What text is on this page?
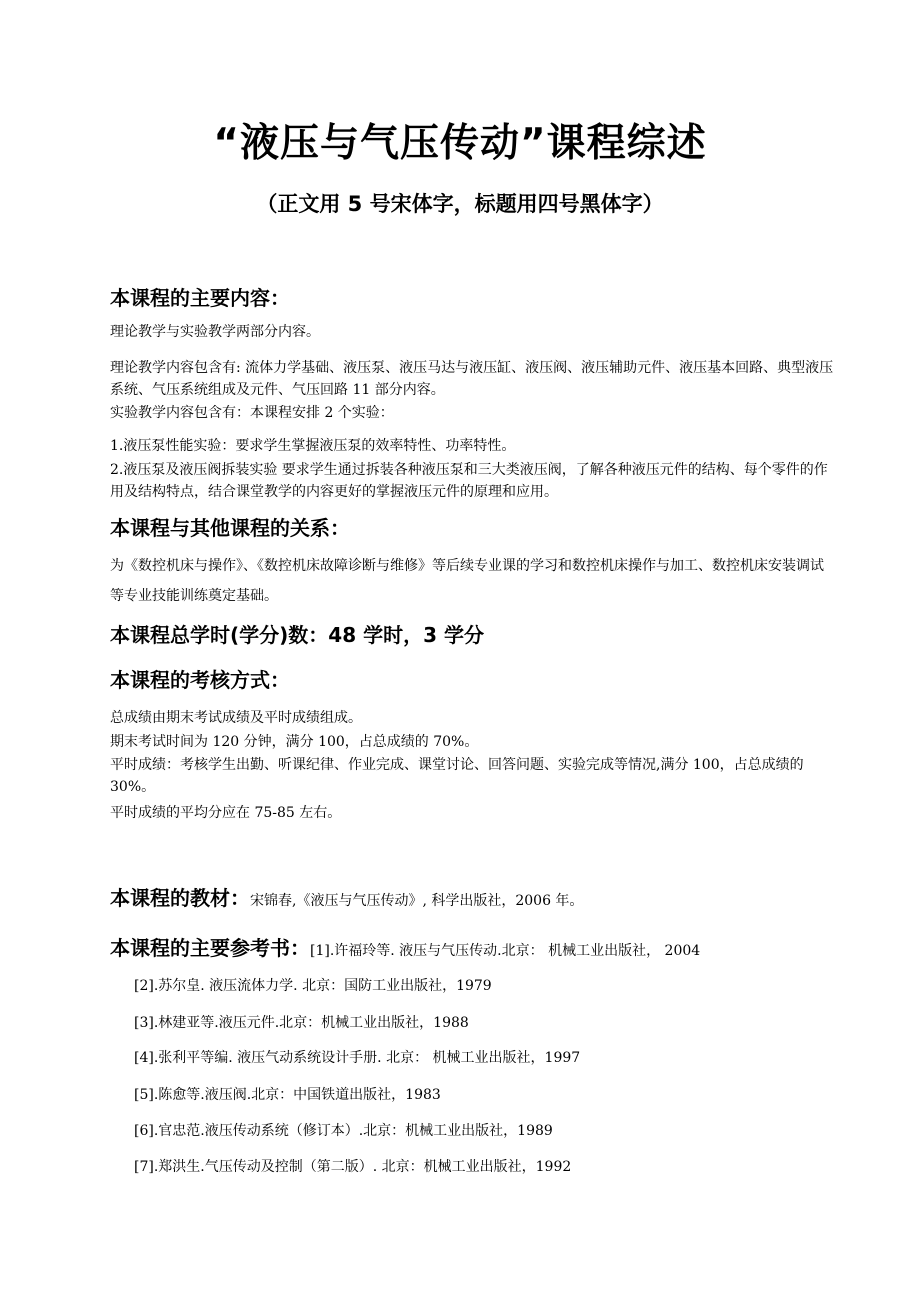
“液压与气压传动”课程综述
（正文用 5 号宋体字，标题用四号黑体字）
本课程的主要内容：
理论教学与实验教学两部分内容。
理论教学内容包含有: 流体力学基础、液压泵、液压马达与液压缸、液压阀、液压辅助元件、液压基本回路、典型液压系统、气压系统组成及元件、气压回路 11 部分内容。
实验教学内容包含有：本课程安排 2 个实验：
1.液压泵性能实验：要求学生掌握液压泵的效率特性、功率特性。
2.液压泵及液压阀拆装实验 要求学生通过拆装各种液压泵和三大类液压阀，了解各种液压元件的结构、每个零件的作用及结构特点，结合课堂教学的内容更好的掌握液压元件的原理和应用。
本课程与其他课程的关系：
为《数控机床与操作》、《数控机床故障诊断与维修》等后续专业课的学习和数控机床操作与加工、数控机床安装调试等专业技能训练奠定基础。
本课程总学时(学分)数：48 学时，3 学分
本课程的考核方式：
总成绩由期末考试成绩及平时成绩组成。
期末考试时间为 120 分钟，满分 100，占总成绩的 70%。
平时成绩：考核学生出勤、听课纪律、作业完成、课堂讨论、回答问题、实验完成等情况,满分 100，占总成绩的 30%。
平时成绩的平均分应在 75-85 左右。
本课程的教材：宋锦春,《液压与气压传动》, 科学出版社，2006 年。
本课程的主要参考书：[1].许福玲等. 液压与气压传动.北京： 机械工业出版社， 2004
[2].苏尔皇. 液压流体力学. 北京：国防工业出版社，1979
[3].林建亚等.液压元件.北京：机械工业出版社，1988
[4].张利平等编. 液压气动系统设计手册. 北京： 机械工业出版社，1997
[5].陈愈等.液压阀.北京：中国铁道出版社，1983
[6].官忠范.液压传动系统（修订本）.北京：机械工业出版社，1989
[7].郑洪生.气压传动及控制（第二版）. 北京：机械工业出版社，1992
